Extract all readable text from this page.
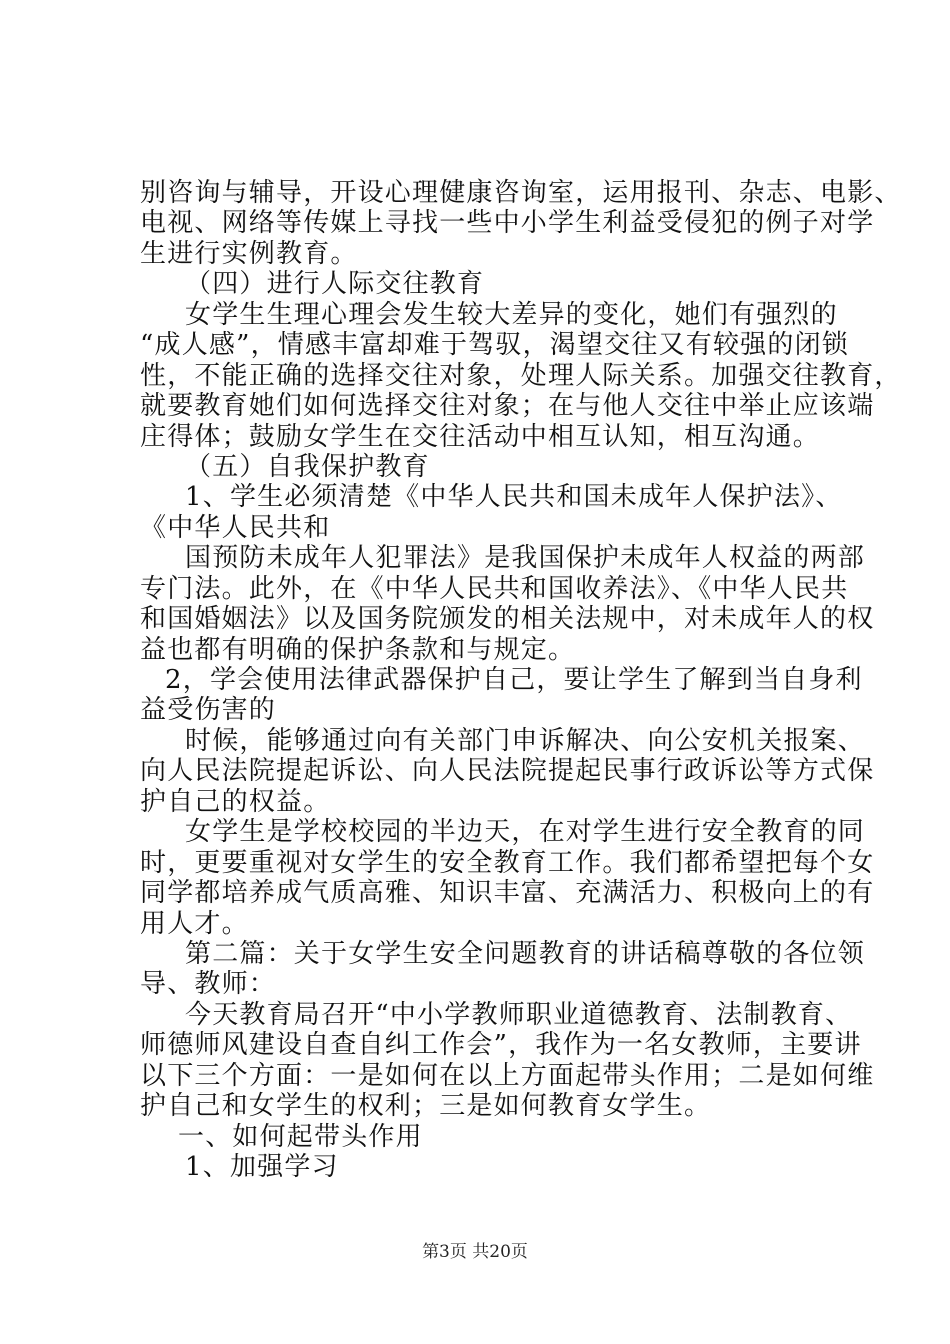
别咨询与辅导，开设心理健康咨询室，运用报刊、杂志、电影、
电视、网络等传媒上寻找一些中小学生利益受侵犯的例子对学
生进行实例教育。
（四）进行人际交往教育
女学生生理心理会发生较大差异的变化，她们有强烈的
“成人感”，情感丰富却难于驾驭，渴望交往又有较强的闭锁
性，不能正确的选择交往对象，处理人际关系。加强交往教育，
就要教育她们如何选择交往对象；在与他人交往中举止应该端
庄得体；鼓励女学生在交往活动中相互认知，相互沟通。
（五）自我保护教育
1、学生必须清楚《中华人民共和国未成年人保护法》、
《中华人民共和
国预防未成年人犯罪法》是我国保护未成年人权益的两部
专门法。此外，在《中华人民共和国收养法》、《中华人民共
和国婚姻法》以及国务院颁发的相关法规中，对未成年人的权
益也都有明确的保护条款和与规定。
2，学会使用法律武器保护自己，要让学生了解到当自身利
益受伤害的
时候，能够通过向有关部门申诉解决、向公安机关报案、
向人民法院提起诉讼、向人民法院提起民事行政诉讼等方式保
护自己的权益。
女学生是学校校园的半边天，在对学生进行安全教育的同
时，更要重视对女学生的安全教育工作。我们都希望把每个女
同学都培养成气质高雅、知识丰富、充满活力、积极向上的有
用人才。
第二篇：关于女学生安全问题教育的讲话稿尊敬的各位领
导、教师：
今天教育局召开“中小学教师职业道德教育、法制教育、
师德师风建设自查自纠工作会”，我作为一名女教师，主要讲
以下三个方面：一是如何在以上方面起带头作用；二是如何维
护自己和女学生的权利；三是如何教育女学生。
一、如何起带头作用
1、加强学习
第3页 共20页
